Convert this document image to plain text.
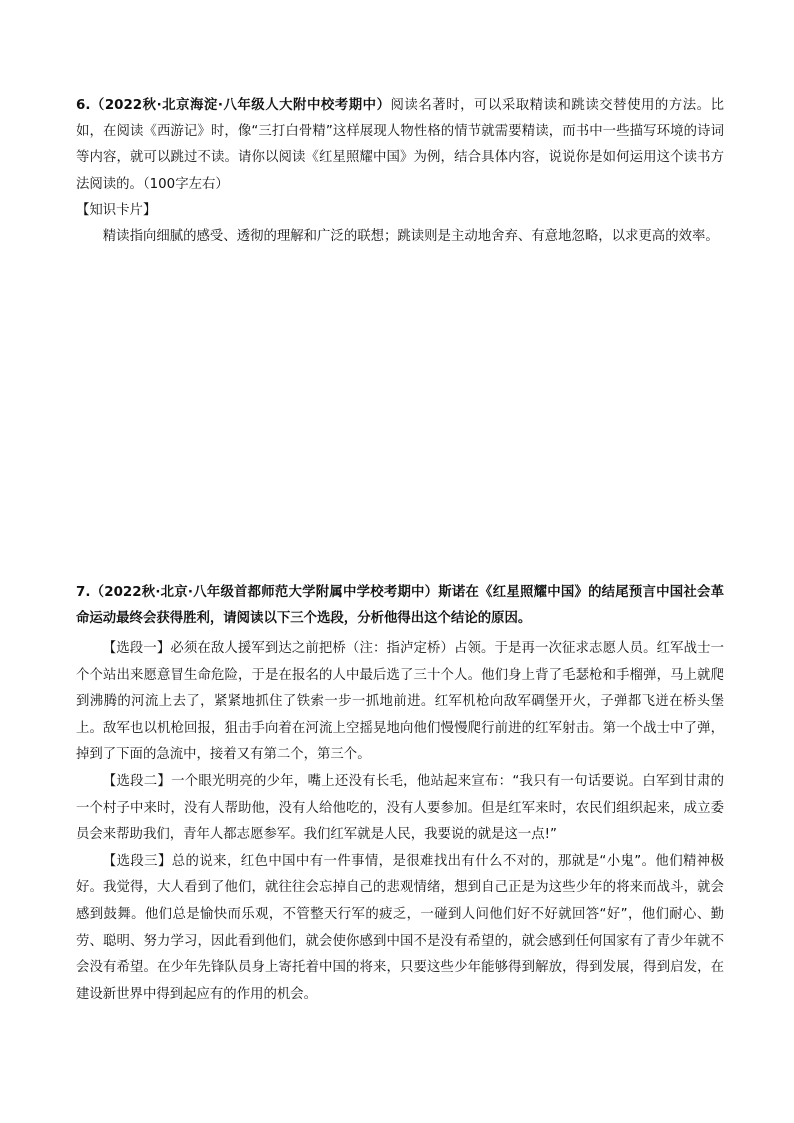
6.（2022秋·北京海淀·八年级人大附中校考期中）阅读名著时，可以采取精读和跳读交替使用的方法。比如，在阅读《西游记》时，像“三打白骨精”这样展现人物性格的情节就需要精读，而书中一些描写环境的诗词等内容，就可以跳过不读。请你以阅读《红星照耀中国》为例，结合具体内容，说说你是如何运用这个读书方法阅读的。（100字左右）

【知识卡片】

精读指向细腻的感受、透彻的理解和广泛的联想；跳读则是主动地舍弃、有意地忽略，以求更高的效率。

7.（2022秋·北京·八年级首都师范大学附属中学校考期中）斯诺在《红星照耀中国》的结尾预言中国社会革命运动最终会获得胜利，请阅读以下三个选段，分析他得出这个结论的原因。

【选段一】必须在敌人援军到达之前把桥（注：指泸定桥）占领。于是再一次征求志愿人员。红军战士一个个站出来愿意冒生命危险，于是在报名的人中最后选了三十个人。他们身上背了毛瑟枪和手榴弹，马上就爬到沸腾的河流上去了，紧紧地抓住了铁索一步一抓地前进。红军机枪向敌军碉堡开火，子弹都飞迸在桥头堡上。敌军也以机枪回报，狙击手向着在河流上空摇晃地向他们慢慢爬行前进的红军射击。第一个战士中了弹，掉到了下面的急流中，接着又有第二个，第三个。

【选段二】一个眼光明亮的少年，嘴上还没有长毛，他站起来宣布：“我只有一句话要说。白军到甘肃的一个村子中来时，没有人帮助他，没有人给他吃的，没有人要参加。但是红军来时，农民们组织起来，成立委员会来帮助我们，青年人都志愿参军。我们红军就是人民，我要说的就是这一点!”

【选段三】总的说来，红色中国中有一件事情，是很难找出有什么不对的，那就是“小鬼”。他们精神极好。我觉得，大人看到了他们，就往往会忘掉自己的悲观情绪，想到自己正是为这些少年的将来而战斗，就会感到鼓舞。他们总是愉快而乐观，不管整天行军的疲乏，一碰到人问他们好不好就回答“好”，他们耐心、勤劳、聪明、努力学习，因此看到他们，就会使你感到中国不是没有希望的，就会感到任何国家有了青少年就不会没有希望。在少年先锋队员身上寄托着中国的将来，只要这些少年能够得到解放，得到发展，得到启发，在建设新世界中得到起应有的作用的机会。
